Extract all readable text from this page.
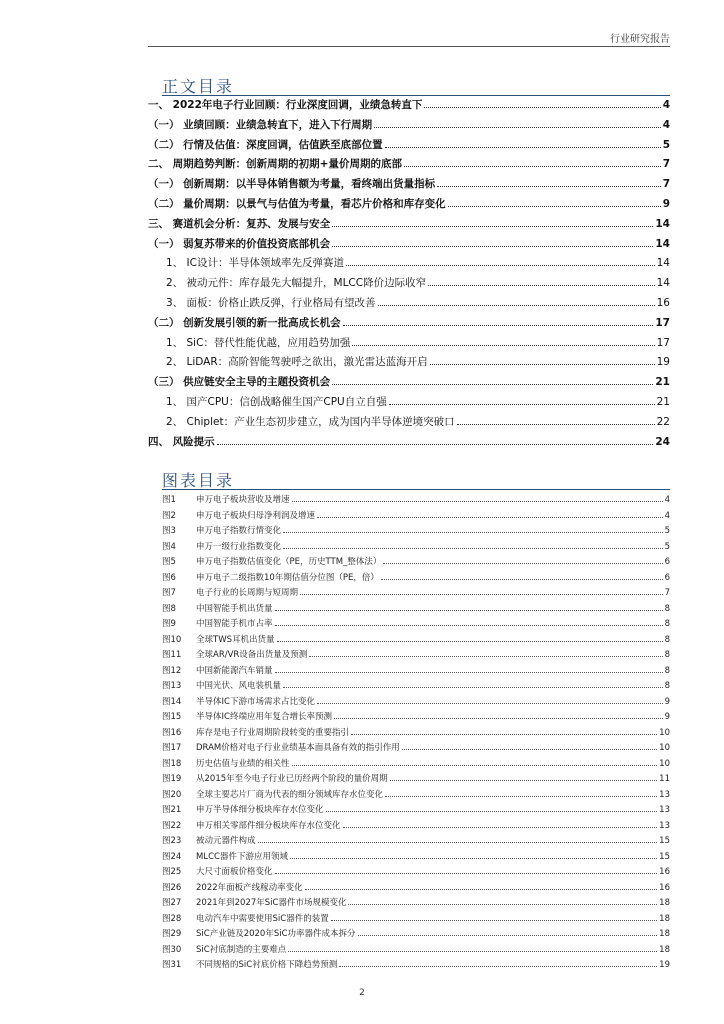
行业研究报告
正文目录
一、 2022年电子行业回顾：行业深度回调，业绩急转直下	4
（一） 业绩回顾：业绩急转直下，进入下行周期	4
（二） 行情及估值：深度回调，估值跌至底部位置	5
二、 周期趋势判断：创新周期的初期+量价周期的底部	7
（一） 创新周期：以半导体销售额为考量，看终端出货量指标	7
（二） 量价周期：以景气与估值为考量，看芯片价格和库存变化	9
三、 赛道机会分析：复苏、发展与安全	14
（一） 弱复苏带来的价值投资底部机会	14
1、 IC设计：半导体领域率先反弹赛道	14
2、 被动元件：库存最先大幅提升，MLCC降价边际收窄	14
3、 面板：价格止跌反弹，行业格局有望改善	16
（二） 创新发展引领的新一批高成长机会	17
1、 SiC：替代性能优越，应用趋势加强	17
2、 LiDAR：高阶智能驾驶呼之欲出，激光雷达蓝海开启	19
（三） 供应链安全主导的主题投资机会	21
1、 国产CPU：信创战略催生国产CPU自立自强	21
2、 Chiplet：产业生态初步建立，成为国内半导体逆境突破口	22
四、 风险提示	24
图表目录
图1	申万电子板块营收及增速	4
图2	申万电子板块归母净利润及增速	4
图3	申万电子指数行情变化	5
图4	申万一级行业指数变化	5
图5	申万电子指数估值变化（PE，历史TTM_整体法）	6
图6	申万电子二级指数10年期估值分位图（PE，倍）	6
图7	电子行业的长周期与短周期	7
图8	中国智能手机出货量	8
图9	中国智能手机市占率	8
图10	全球TWS耳机出货量	8
图11	全球AR/VR设备出货量及预测	8
图12	中国新能源汽车销量	8
图13	中国光伏、风电装机量	8
图14	半导体IC下游市场需求占比变化	9
图15	半导体IC终端应用年复合增长率预测	9
图16	库存是电子行业周期阶段转变的重要指引	10
图17	DRAM价格对电子行业业绩基本面具备有效的指引作用	10
图18	历史估值与业绩的相关性	10
图19	从2015年至今电子行业已历经两个阶段的量价周期	11
图20	全球主要芯片厂商为代表的细分领域库存水位变化	13
图21	申万半导体细分板块库存水位变化	13
图22	申万相关零部件细分板块库存水位变化	13
图23	被动元器件构成	15
图24	MLCC器件下游应用领域	15
图25	大尺寸面板价格变化	16
图26	2022年面板产线稼动率变化	16
图27	2021年到2027年SiC器件市场规模变化	18
图28	电动汽车中需要使用SiC器件的装置	18
图29	SiC产业链及2020年SiC功率器件成本拆分	18
图30	SiC衬底制造的主要难点	18
图31	不同规格的SiC衬底价格下降趋势预测	19
2
